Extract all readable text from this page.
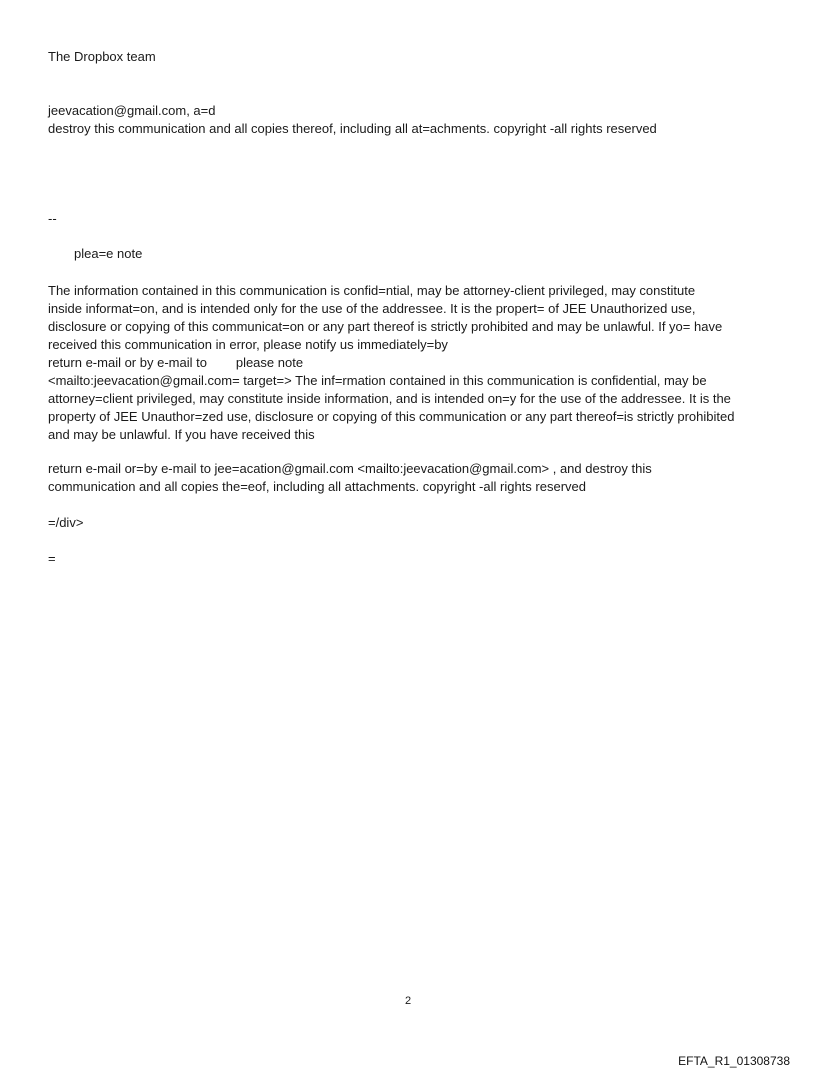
The Dropbox team
jeevacation@gmail.com, a=d
destroy this communication and all copies thereof, including all at=achments. copyright -all rights reserved
--
plea=e note
The information contained in this communication is confid=ntial, may be attorney-client privileged, may constitute
inside informat=on, and is intended only for the use of the addressee. It is the propert= of JEE Unauthorized use,
disclosure or copying of this communicat=on or any part thereof is strictly prohibited and may be unlawful. If yo= have
received this communication in error, please notify us immediately=by
return e-mail or by e-mail to        please note
<mailto:jeevacation@gmail.com= target=> The inf=rmation contained in this communication is confidential, may be
attorney=client privileged, may constitute inside information, and is intended on=y for the use of the addressee. It is the
property of JEE Unauthor=zed use, disclosure or copying of this communication or any part thereof=is strictly prohibited
and may be unlawful. If you have received this
return e-mail or=by e-mail to jee=acation@gmail.com <mailto:jeevacation@gmail.com> , and destroy this
communication and all copies the=eof, including all attachments. copyright -all rights reserved
=/div>
=
2
EFTA_R1_01308738
